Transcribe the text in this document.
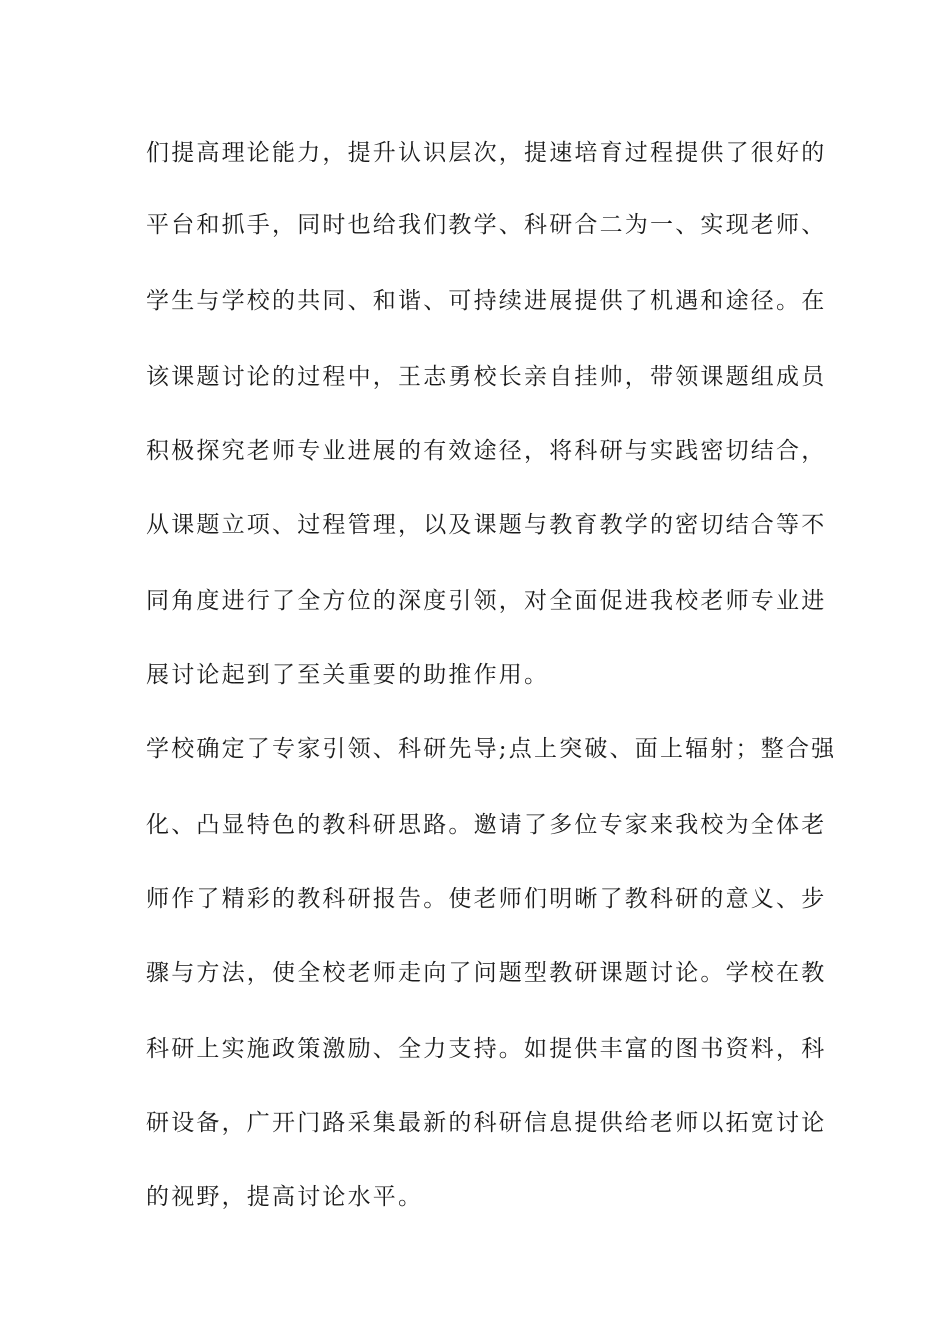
们提高理论能力，提升认识层次，提速培育过程提供了很好的
平台和抓手，同时也给我们教学、科研合二为一、实现老师、
学生与学校的共同、和谐、可持续进展提供了机遇和途径。在
该课题讨论的过程中，王志勇校长亲自挂帅，带领课题组成员
积极探究老师专业进展的有效途径，将科研与实践密切结合，
从课题立项、过程管理，以及课题与教育教学的密切结合等不
同角度进行了全方位的深度引领，对全面促进我校老师专业进
展讨论起到了至关重要的助推作用。
学校确定了专家引领、科研先导;点上突破、面上辐射；整合强
化、凸显特色的教科研思路。邀请了多位专家来我校为全体老
师作了精彩的教科研报告。使老师们明晰了教科研的意义、步
骤与方法，使全校老师走向了问题型教研课题讨论。学校在教
科研上实施政策激励、全力支持。如提供丰富的图书资料，科
研设备，广开门路采集最新的科研信息提供给老师以拓宽讨论
的视野，提高讨论水平。
